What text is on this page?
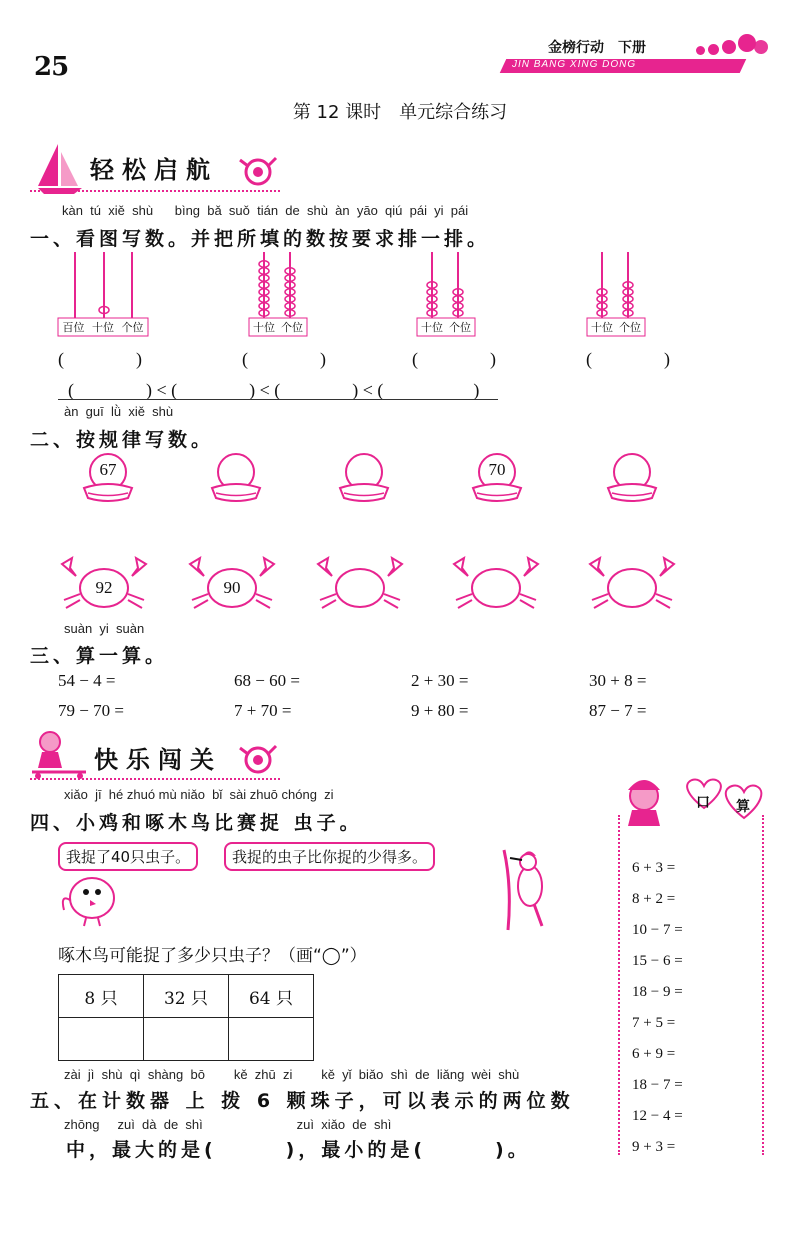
25
金榜行动　下册
JIN BANG XING DONG
第 12 课时　单元综合练习
轻松启航
kàn  tú  xiě  shù      bìng  bǎ  suǒ  tián  de  shù  àn  yāo  qiú  pái  yi  pái
一、看图写数。并把所填的数按要求排一排。
百位 十位 个位	十位 个位	十位 个位	十位 个位
(　　　　)	(　　　　)	(　　　　)	(　　　　)
(　　　　) < (　　　　) < (　　　　) < (　　　　　)
àn  guī  lǜ  xiě  shù
二、按规律写数。
67	70
92	90
suàn  yi  suàn
三、算一算。
54 − 4 =	68 − 60 =	2 + 30 =	30 + 8 =
79 − 70 =	7 + 70 =	9 + 80 =	87 − 7 =
快乐闯关
xiǎo  jī  hé zhuó mù niǎo  bǐ  sài zhuō chóng  zi
四、小鸡和啄木鸟比赛捉 虫子。
我捉了40只虫子。	我捉的虫子比你捉的少得多。
啄木鸟可能捉了多少只虫子？（画“◯”）
8 只	32 只	64 只

zài  jì  shù  qì  shàng  bō        kě  zhū  zi        kě  yǐ  biǎo  shì  de  liǎng  wèi  shù
五、在计数器 上 拨 6 颗珠子，可以表示的两位数
zhōng     zuì  dà  de  shì                          zuì  xiǎo  de  shì
中，最大的是(　　　)，最小的是(　　　)。
口 算
6 + 3 =
8 + 2 =
10 − 7 =
15 − 6 =
18 − 9 =
7 + 5 =
6 + 9 =
18 − 7 =
12 − 4 =
9 + 3 =
